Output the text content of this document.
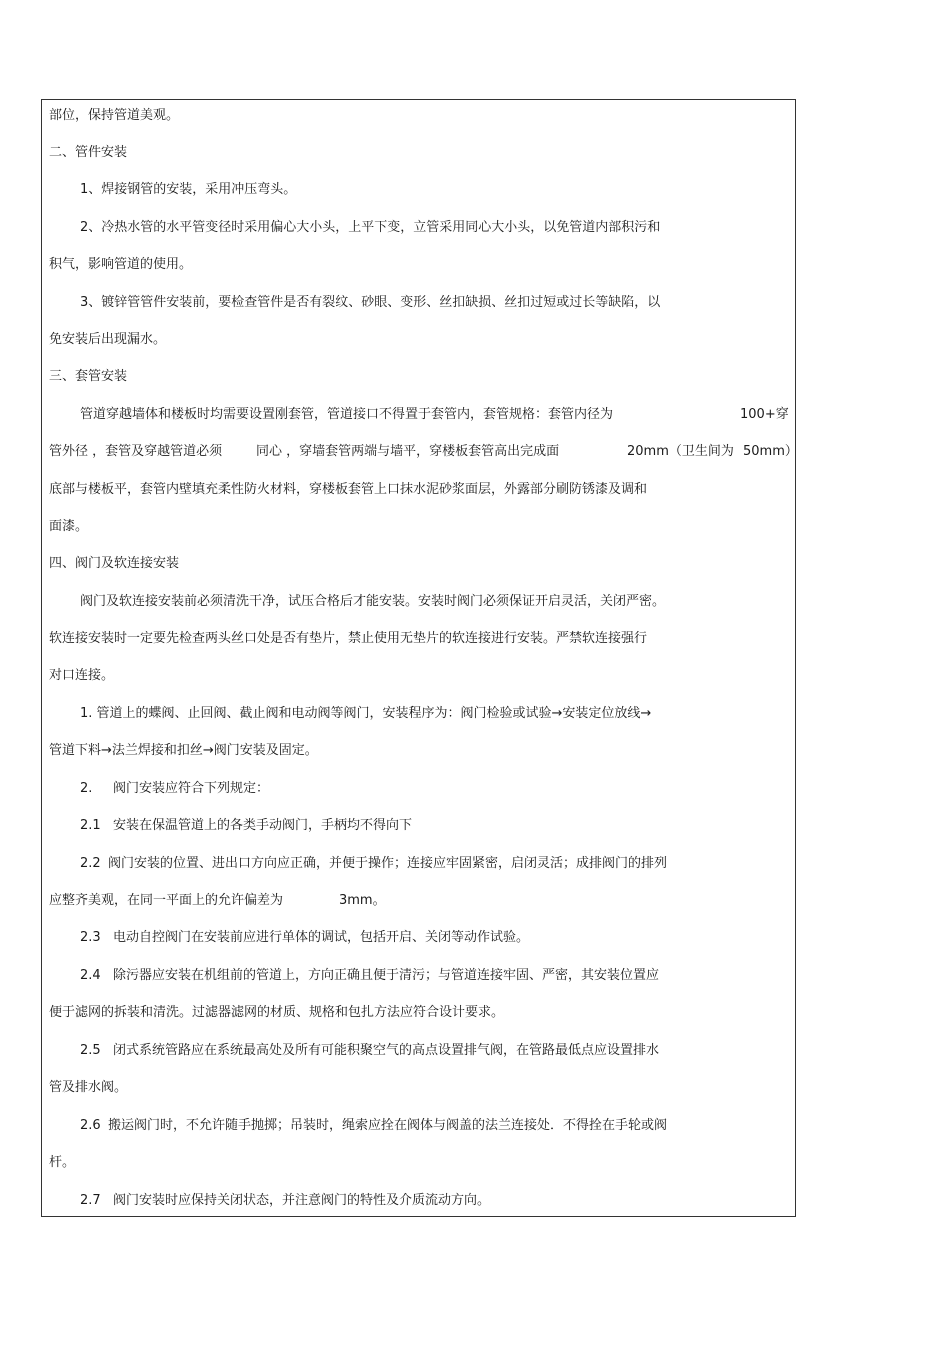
部位，保持管道美观。

二、管件安装

1、焊接钢管的安装，采用冲压弯头。

2、冷热水管的水平管变径时采用偏心大小头，上平下变，立管采用同心大小头，以免管道内部积污和

积气，影响管道的使用。

3、镀锌管管件安装前，要检查管件是否有裂纹、砂眼、变形、丝扣缺损、丝扣过短或过长等缺陷，以

免安装后出现漏水。

三、套管安装

管道穿越墙体和楼板时均需要设置刚套管，管道接口不得置于套管内，套管规格：套管内径为	100+穿

管外径 ，套管及穿越管道必须	同心 ，穿墙套管两端与墙平，穿楼板套管高出完成面	20mm（卫生间为 50mm）

底部与楼板平，套管内壁填充柔性防火材料，穿楼板套管上口抹水泥砂浆面层，外露部分刷防锈漆及调和

面漆。

四、阀门及软连接安装

阀门及软连接安装前必须清洗干净，试压合格后才能安装。安装时阀门必须保证开启灵活，关闭严密。

软连接安装时一定要先检查两头丝口处是否有垫片，禁止使用无垫片的软连接进行安装。严禁软连接强行

对口连接。

1. 管道上的蝶阀、止回阀、截止阀和电动阀等阀门，安装程序为：阀门检验或试验→安装定位放线→

管道下料→法兰焊接和扣丝→阀门安装及固定。

2. 阀门安装应符合下列规定：

2.1 安装在保温管道上的各类手动阀门，手柄均不得向下

2.2 阀门安装的位置、进出口方向应正确，并便于操作；连接应牢固紧密，启闭灵活；成排阀门的排列

应整齐美观，在同一平面上的允许偏差为	3mm。
2.3 电动自控阀门在安装前应进行单体的调试，包括开启、关闭等动作试验。

2.4 除污器应安装在机组前的管道上，方向正确且便于清污；与管道连接牢固、严密，其安装位置应

便于滤网的拆装和清洗。过滤器滤网的材质、规格和包扎方法应符合设计要求。

2.5 闭式系统管路应在系统最高处及所有可能积聚空气的高点设置排气阀，在管路最低点应设置排水

管及排水阀。

2.6 搬运阀门时，不允许随手抛掷；吊装时，绳索应拴在阀体与阀盖的法兰连接处．不得拴在手轮或阀

杆。

2.7 阀门安装时应保持关闭状态，并注意阀门的特性及介质流动方向。
